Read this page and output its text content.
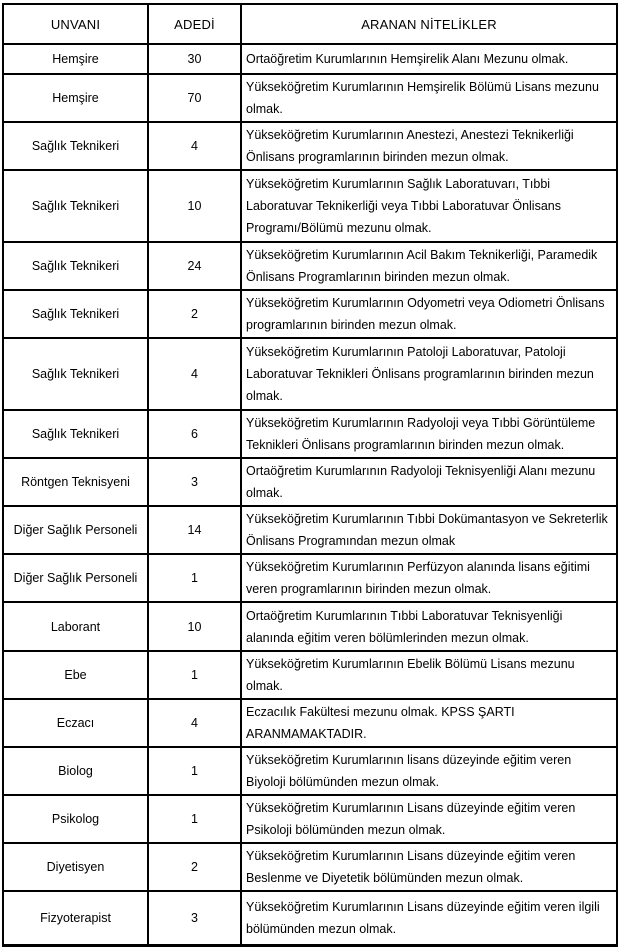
UNVANI	ADEDİ	ARANAN NİTELİKLER
Hemşire	30	Ortaöğretim Kurumlarının Hemşirelik Alanı Mezunu olmak.
Hemşire	70	Yükseköğretim Kurumlarının Hemşirelik Bölümü Lisans mezunu olmak.
Sağlık Teknikeri	4	Yükseköğretim Kurumlarının Anestezi, Anestezi Teknikerliği Önlisans programlarının birinden mezun olmak.
Sağlık Teknikeri	10	Yükseköğretim Kurumlarının Sağlık Laboratuvarı, Tıbbi Laboratuvar Teknikerliği veya Tıbbi Laboratuvar Önlisans Programı/Bölümü mezunu olmak.
Sağlık Teknikeri	24	Yükseköğretim Kurumlarının Acil Bakım Teknikerliği, Paramedik Önlisans Programlarının birinden mezun olmak.
Sağlık Teknikeri	2	Yükseköğretim Kurumlarının Odyometri veya Odiometri Önlisans programlarının birinden mezun olmak.
Sağlık Teknikeri	4	Yükseköğretim Kurumlarının Patoloji Laboratuvar, Patoloji Laboratuvar Teknikleri Önlisans programlarının birinden mezun olmak.
Sağlık Teknikeri	6	Yükseköğretim Kurumlarının Radyoloji veya Tıbbi Görüntüleme Teknikleri Önlisans programlarının birinden mezun olmak.
Röntgen Teknisyeni	3	Ortaöğretim Kurumlarının Radyoloji Teknisyenliği Alanı mezunu olmak.
Diğer Sağlık Personeli	14	Yükseköğretim Kurumlarının Tıbbi Dokümantasyon ve Sekreterlik Önlisans Programından mezun olmak
Diğer Sağlık Personeli	1	Yükseköğretim Kurumlarının Perfüzyon alanında lisans eğitimi veren programlarının birinden mezun olmak.
Laborant	10	Ortaöğretim Kurumlarının Tıbbi Laboratuvar Teknisyenliği alanında eğitim veren bölümlerinden mezun olmak.
Ebe	1	Yükseköğretim Kurumlarının Ebelik Bölümü Lisans mezunu olmak.
Eczacı	4	Eczacılık Fakültesi mezunu olmak. KPSS ŞARTI ARANMAMAKTADIR.
Biolog	1	Yükseköğretim Kurumlarının lisans düzeyinde eğitim veren Biyoloji bölümünden mezun olmak.
Psikolog	1	Yükseköğretim Kurumlarının Lisans düzeyinde eğitim veren Psikoloji bölümünden mezun olmak.
Diyetisyen	2	Yükseköğretim Kurumlarının Lisans düzeyinde eğitim veren Beslenme ve Diyetetik bölümünden mezun olmak.
Fizyoterapist	3	Yükseköğretim Kurumlarının Lisans düzeyinde eğitim veren ilgili bölümünden mezun olmak.
